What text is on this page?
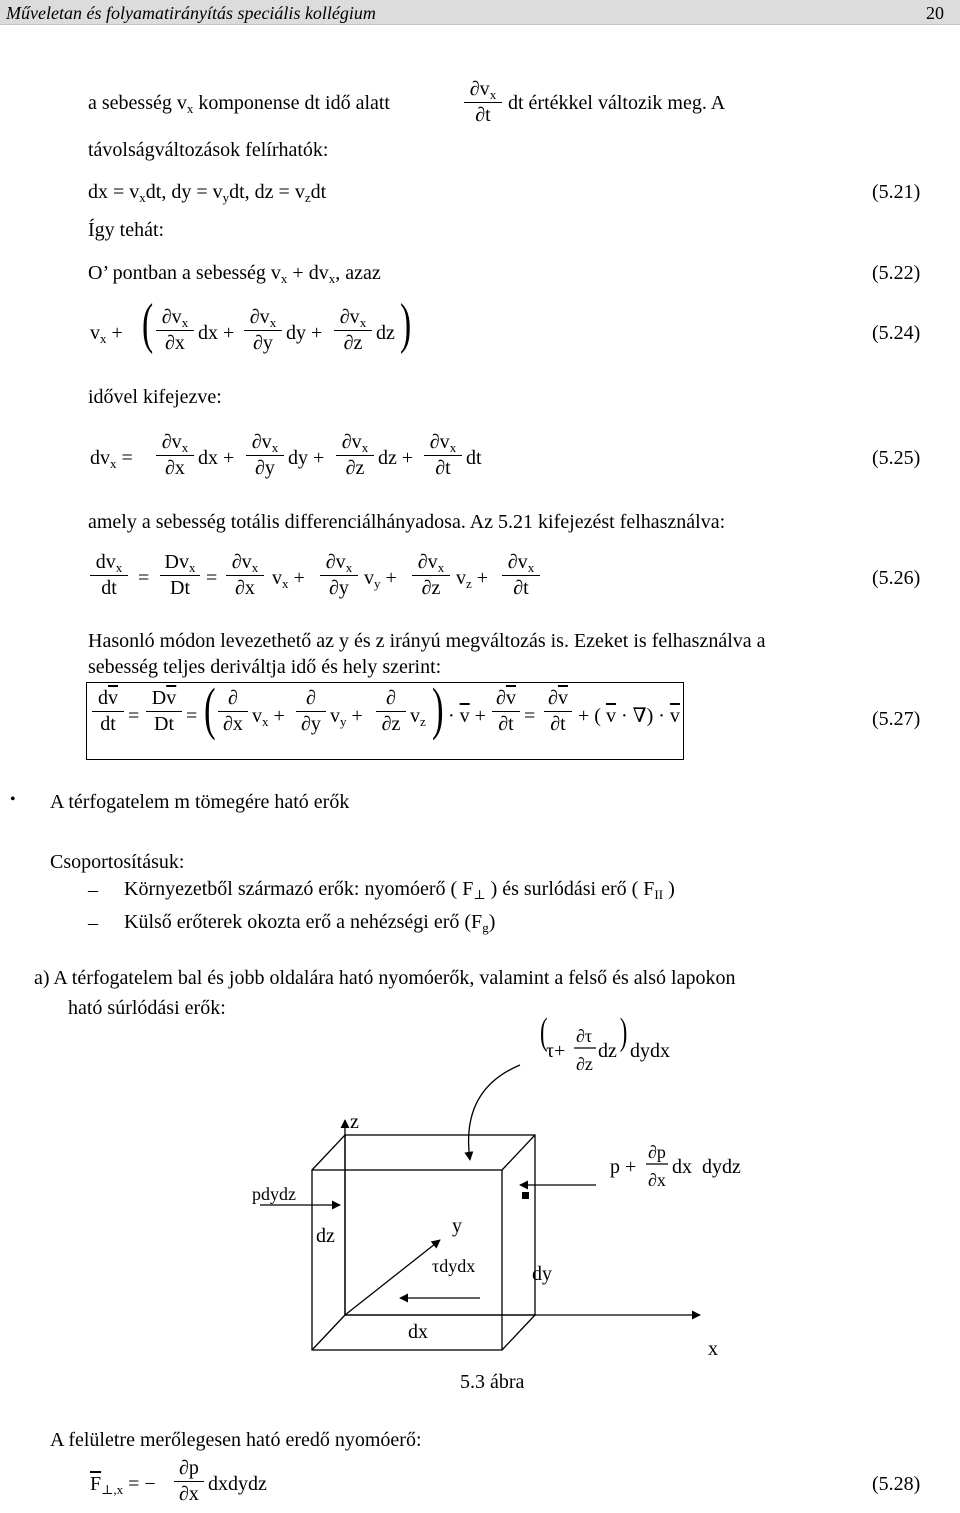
Műveletan és folyamatirányítás speciális kollégium	20
a sebesség $v_x$ komponense dt idő alatt
$\partial v_x$
∂t
dt értékkel változik meg. A
távolságváltozások felírhatók:
dx = $v_xdt$, dy = $v_ydt$, dz = $v_zdt$	(5.21)
Így tehát:
O’ pontban a sebesség $v_x + dv_x$, azaz	(5.22)
$v_x$ + ( $\partial v_x$
∂x dx +
$\partial v_x$
∂y dy +
$\partial v_x$
∂z dz )	(5.24)
idővel kifejezve:
$dv_x$ =
$\partial v_x$
∂x dx +
$\partial v_x$
∂y dy +
$\partial v_x$
∂z dz +
$\partial v_x$
∂t dt	(5.25)
amely a sebesség totális differenciálhányadosa. Az 5.21 kifejezést felhasználva:
$dv_x$
dt	=
$Dv_x$
Dt =
$\partial v_x$
∂x $v_x$ +
$\partial v_x$
∂y $v_y$ +
$\partial v_x$
∂z $v_z$ +
$\partial v_x$
∂t	(5.26)
Hasonló módon levezethető az y és z irányú megváltozás is. Ezeket is felhasználva a
sebesség teljes deriváltja idő és hely szerint:
$d\overline{v}$
dt =
$D\overline{v}$
Dt = ( ∂
∂x $v_x$ +
∂
∂y $v_y$ +
∂
∂z $v_z$ ) · $\overline{v}$ +
$\partial\overline{v}$
∂t =
$\partial\overline{v}$
∂t + ( $\overline{v}$ · ∇) · $\overline{v}$	(5.27)
• A térfogatelem m tömegére ható erők
Csoportosításuk:
– Környezetből származó erők: nyomóerő ( $F_\perp$ ) és surlódási erő ( $F_{II}$ )
– Külső erőterek okozta erő a nehézségi erő $(F_g)$
a) A térfogatelem bal és jobb oldalára ható nyomóerők, valamint a felső és alsó lapokon
ható súrlódási erők:
z
y
x
pdydz
dz
dy
dx
τdydx
(
τ+
∂τ
∂z
dz ) dydx
p +
∂p
∂x
dx dydz
5.3 ábra
A felületre merőlegesen ható eredő nyomóerő:
$\overline{F}_{\perp,x}$ = −
∂p
∂x dxdydz	(5.28)
